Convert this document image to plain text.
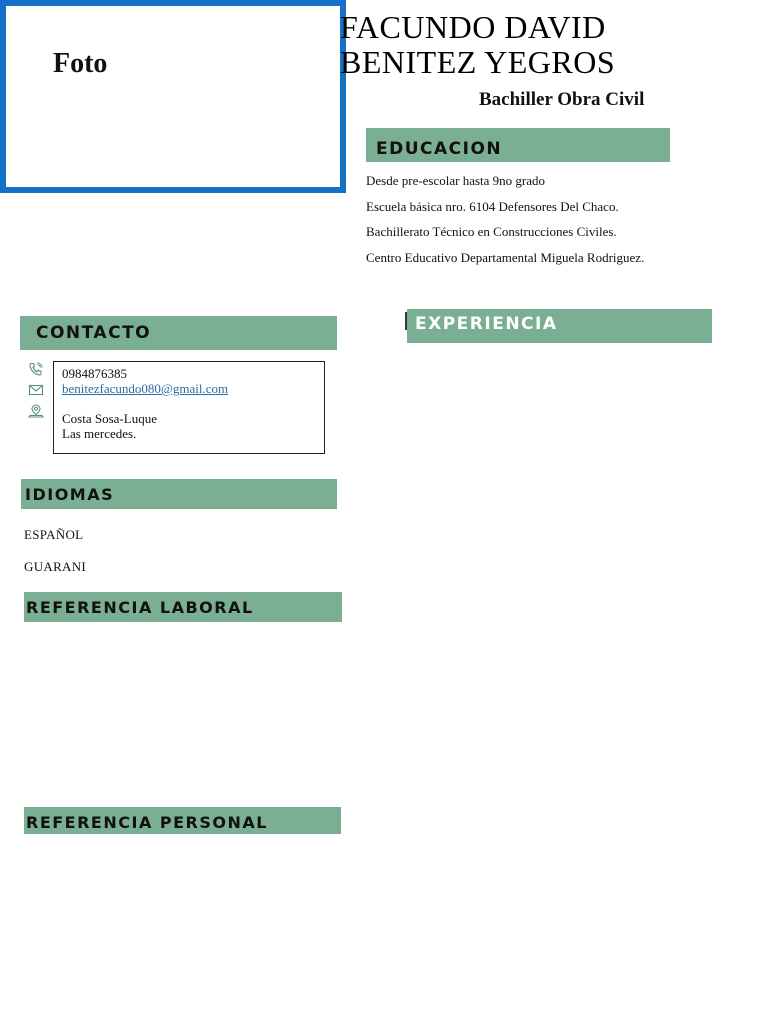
Foto
FACUNDO DAVID
BENITEZ YEGROS
Bachiller Obra Civil
EDUCACION
Desde pre-escolar hasta 9no grado
Escuela básica nro. 6104 Defensores Del Chaco.
Bachillerato Técnico en Construcciones Civiles.
Centro Educativo Departamental Miguela Rodriguez.
EXPERIENCIA
CONTACTO
0984876385
benitezfacundo080@gmail.com
Costa Sosa-Luque
Las mercedes.
IDIOMAS
ESPAÑOL
GUARANI
REFERENCIA LABORAL
REFERENCIA PERSONAL
